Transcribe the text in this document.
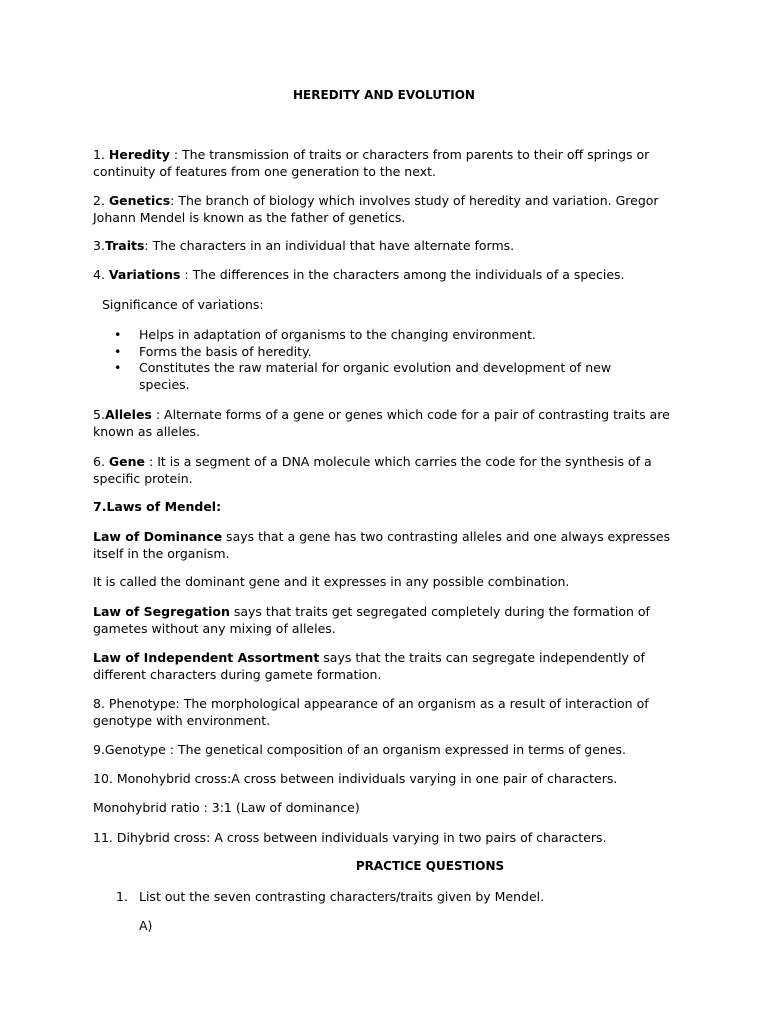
HEREDITY AND EVOLUTION

1. Heredity : The transmission of traits or characters from parents to their off springs or continuity of features from one generation to the next.

2. Genetics: The branch of biology which involves study of heredity and variation. Gregor Johann Mendel is known as the father of genetics.

3.Traits: The characters in an individual that have alternate forms.

4. Variations : The differences in the characters among the individuals of a species.

Significance of variations:

• Helps in adaptation of organisms to the changing environment.
• Forms the basis of heredity.
• Constitutes the raw material for organic evolution and development of new species.

5.Alleles : Alternate forms of a gene or genes which code for a pair of contrasting traits are known as alleles.

6. Gene : It is a segment of a DNA molecule which carries the code for the synthesis of a specific protein.

7.Laws of Mendel:

Law of Dominance says that a gene has two contrasting alleles and one always expresses itself in the organism.

It is called the dominant gene and it expresses in any possible combination.

Law of Segregation says that traits get segregated completely during the formation of gametes without any mixing of alleles.

Law of Independent Assortment says that the traits can segregate independently of different characters during gamete formation.

8. Phenotype: The morphological appearance of an organism as a result of interaction of genotype with environment.

9.Genotype : The genetical composition of an organism expressed in terms of genes.

10. Monohybrid cross:A cross between individuals varying in one pair of characters.

Monohybrid ratio : 3:1 (Law of dominance)

11. Dihybrid cross: A cross between individuals varying in two pairs of characters.

PRACTICE QUESTIONS
1. List out the seven contrasting characters/traits given by Mendel.

A)
